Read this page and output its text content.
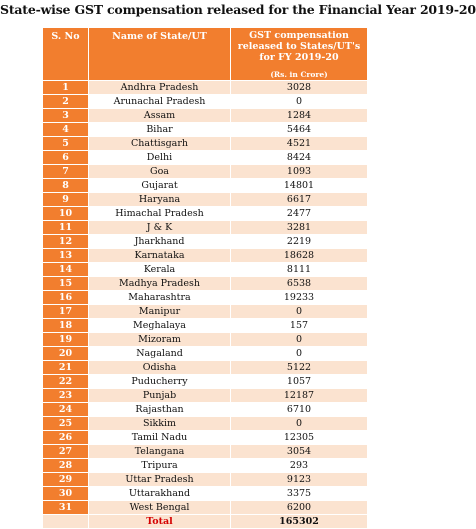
State-wise GST compensation released for the Financial Year 2019-20
S. No	Name of State/UT	GST compensation released to States/UT's for FY 2019-20
(Rs. in Crore)

1	Andhra Pradesh	3028
2	Arunachal Pradesh	0
3	Assam	1284
4	Bihar	5464
5	Chattisgarh	4521
6	Delhi	8424
7	Goa	1093
8	Gujarat	14801
9	Haryana	6617
10	Himachal Pradesh	2477
11	J & K	3281
12	Jharkhand	2219
13	Karnataka	18628
14	Kerala	8111
15	Madhya Pradesh	6538
16	Maharashtra	19233
17	Manipur	0
18	Meghalaya	157
19	Mizoram	0
20	Nagaland	0
21	Odisha	5122
22	Puducherry	1057
23	Punjab	12187
24	Rajasthan	6710
25	Sikkim	0
26	Tamil Nadu	12305
27	Telangana	3054
28	Tripura	293
29	Uttar Pradesh	9123
30	Uttarakhand	3375
31	West Bengal	6200
	Total	165302
